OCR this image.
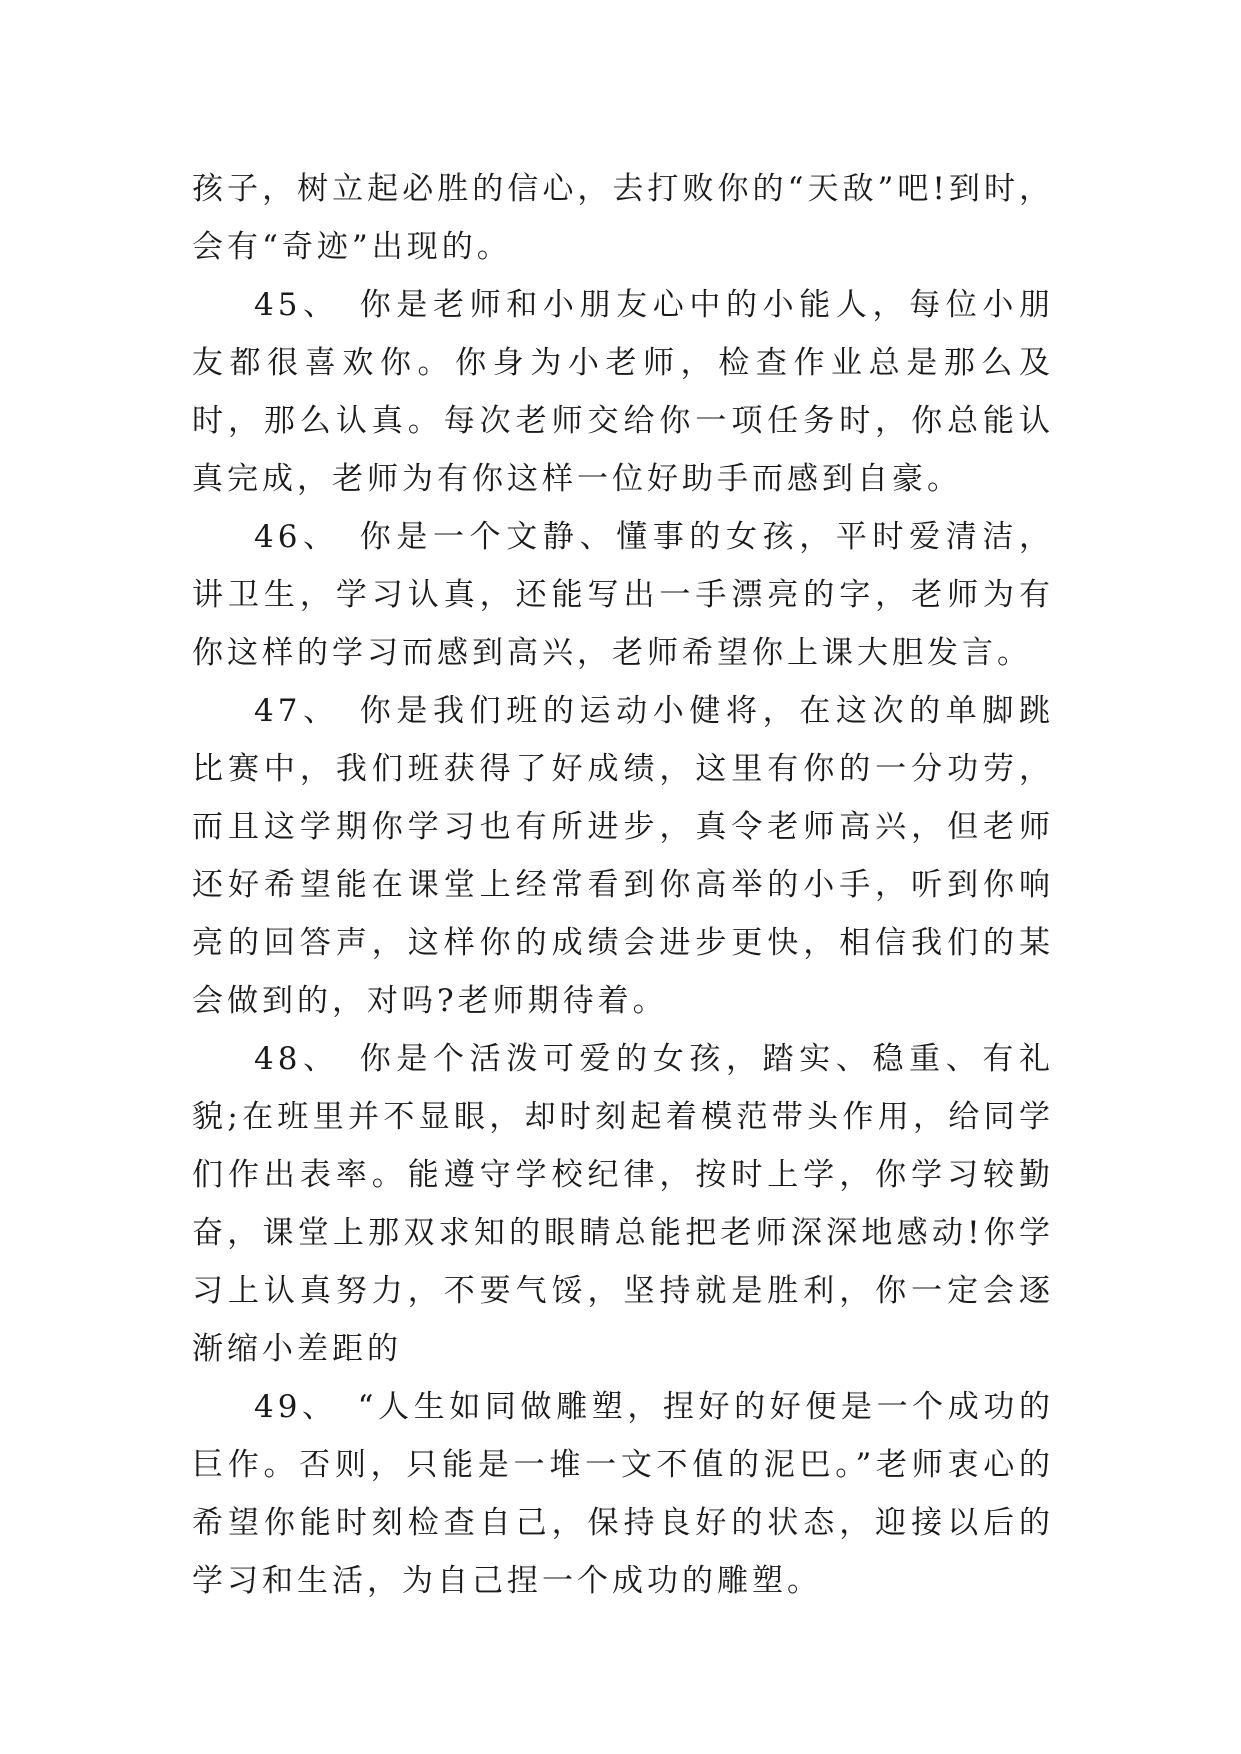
孩子，树立起必胜的信心，去打败你的“天敌”吧!到时，会有“奇迹”出现的。

45、 你是老师和小朋友心中的小能人，每位小朋友都很喜欢你。你身为小老师，检查作业总是那么及时，那么认真。每次老师交给你一项任务时，你总能认真完成，老师为有你这样一位好助手而感到自豪。

46、 你是一个文静、懂事的女孩，平时爱清洁，讲卫生，学习认真，还能写出一手漂亮的字，老师为有你这样的学习而感到高兴，老师希望你上课大胆发言。

47、 你是我们班的运动小健将，在这次的单脚跳比赛中，我们班获得了好成绩，这里有你的一分功劳，而且这学期你学习也有所进步，真令老师高兴，但老师还好希望能在课堂上经常看到你高举的小手，听到你响亮的回答声，这样你的成绩会进步更快，相信我们的某会做到的，对吗?老师期待着。

48、 你是个活泼可爱的女孩，踏实、稳重、有礼貌;在班里并不显眼，却时刻起着模范带头作用，给同学们作出表率。能遵守学校纪律，按时上学，你学习较勤奋，课堂上那双求知的眼睛总能把老师深深地感动!你学习上认真努力，不要气馁，坚持就是胜利，你一定会逐渐缩小差距的

49、 “人生如同做雕塑，捏好的好便是一个成功的巨作。否则，只能是一堆一文不值的泥巴。”老师衷心的希望你能时刻检查自己，保持良好的状态，迎接以后的学习和生活，为自己捏一个成功的雕塑。
